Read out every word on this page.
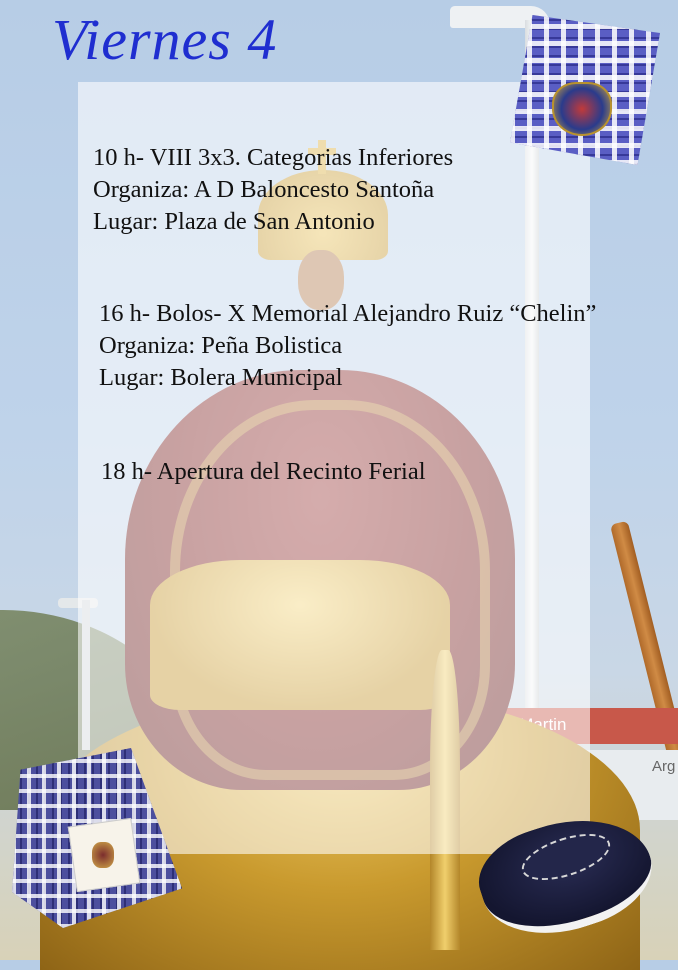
Arg
Viernes 4
10 h- VIII 3x3. Categorias Inferiores
Organiza: A D Baloncesto Santoña
Lugar: Plaza de San Antonio
16 h- Bolos- X Memorial Alejandro Ruiz “Chelin”
Organiza: Peña Bolistica
Lugar: Bolera Municipal
18 h- Apertura del Recinto Ferial
